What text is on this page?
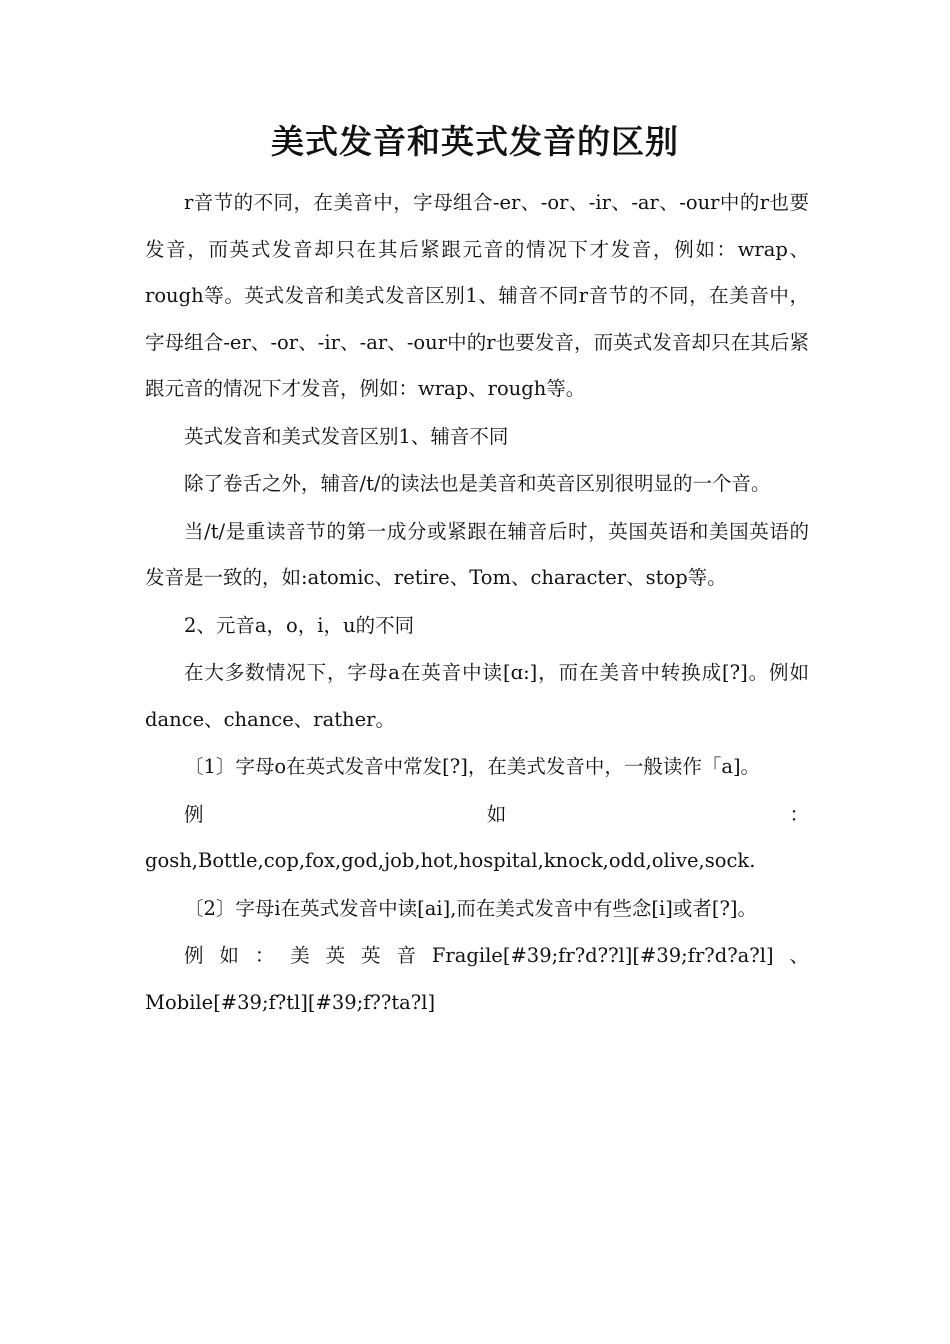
美式发音和英式发音的区别

r音节的不同，在美音中，字母组合-er、-or、-ir、-ar、-our中的r也要发音，而英式发音却只在其后紧跟元音的情况下才发音，例如：wrap、rough等。英式发音和美式发音区别1、辅音不同r音节的不同，在美音中，字母组合-er、-or、-ir、-ar、-our中的r也要发音，而英式发音却只在其后紧跟元音的情况下才发音，例如：wrap、rough等。

英式发音和美式发音区别1、辅音不同

除了卷舌之外，辅音/t/的读法也是美音和英音区别很明显的一个音。

当/t/是重读音节的第一成分或紧跟在辅音后时，英国英语和美国英语的发音是一致的，如:atomic、retire、Tom、character、stop等。

2、元音a，o，i，u的不同

在大多数情况下，字母a在英音中读[ɑ:]，而在美音中转换成[?]。例如dance、chance、rather。

〔1〕字母o在英式发音中常发[?]，在美式发音中，一般读作「a]。

例如：gosh,Bottle,cop,fox,god,job,hot,hospital,knock,odd,olive,sock.

〔2〕字母i在英式发音中读[ai],而在美式发音中有些念[i]或者[?]。

例如：美英英音Fragile[#39;fr?d??l][#39;fr?d?a?l]、Mobile[#39;f?tl][#39;f??ta?l]
